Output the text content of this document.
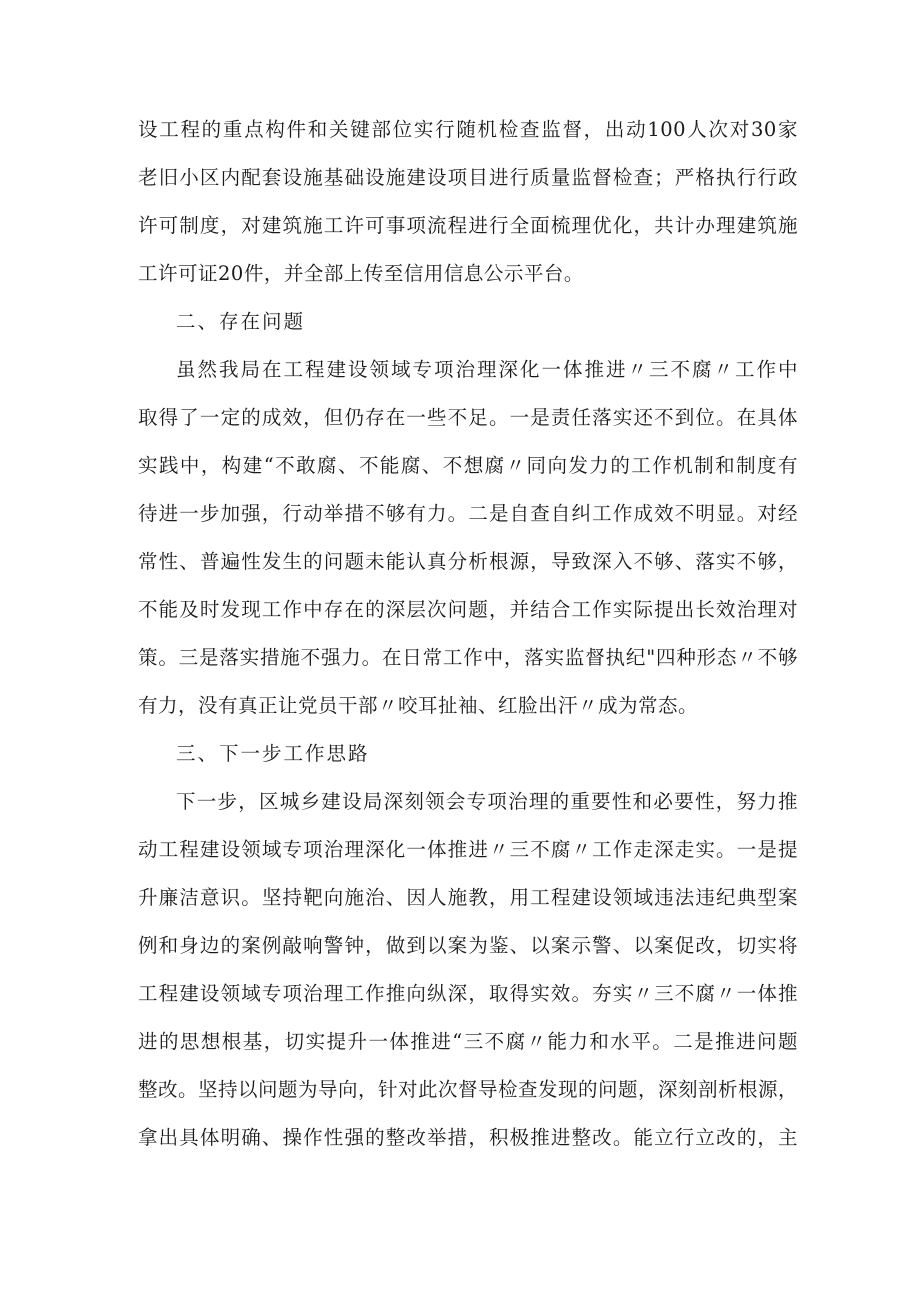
设工程的重点构件和关键部位实行随机检查监督，出动100人次对30家
老旧小区内配套设施基础设施建设项目进行质量监督检查；严格执行行政
许可制度，对建筑施工许可事项流程进行全面梳理优化，共计办理建筑施
工许可证20件，并全部上传至信用信息公示平台。
二、存在问题
虽然我局在工程建设领域专项治理深化一体推进〃三不腐〃工作中
取得了一定的成效，但仍存在一些不足。一是责任落实还不到位。在具体
实践中，构建“不敢腐、不能腐、不想腐〃同向发力的工作机制和制度有
待进一步加强，行动举措不够有力。二是自查自纠工作成效不明显。对经
常性、普遍性发生的问题未能认真分析根源，导致深入不够、落实不够，
不能及时发现工作中存在的深层次问题，并结合工作实际提出长效治理对
策。三是落实措施不强力。在日常工作中，落实监督执纪"四种形态〃不够
有力，没有真正让党员干部〃咬耳扯袖、红脸出汗〃成为常态。
三、下一步工作思路
下一步，区城乡建设局深刻领会专项治理的重要性和必要性，努力推
动工程建设领域专项治理深化一体推进〃三不腐〃工作走深走实。一是提
升廉洁意识。坚持靶向施治、因人施教，用工程建设领域违法违纪典型案
例和身边的案例敲响警钟，做到以案为鉴、以案示警、以案促改，切实将
工程建设领域专项治理工作推向纵深，取得实效。夯实〃三不腐〃一体推
进的思想根基，切实提升一体推进“三不腐〃能力和水平。二是推进问题
整改。坚持以问题为导向，针对此次督导检查发现的问题，深刻剖析根源，
拿出具体明确、操作性强的整改举措，积极推进整改。能立行立改的，主
